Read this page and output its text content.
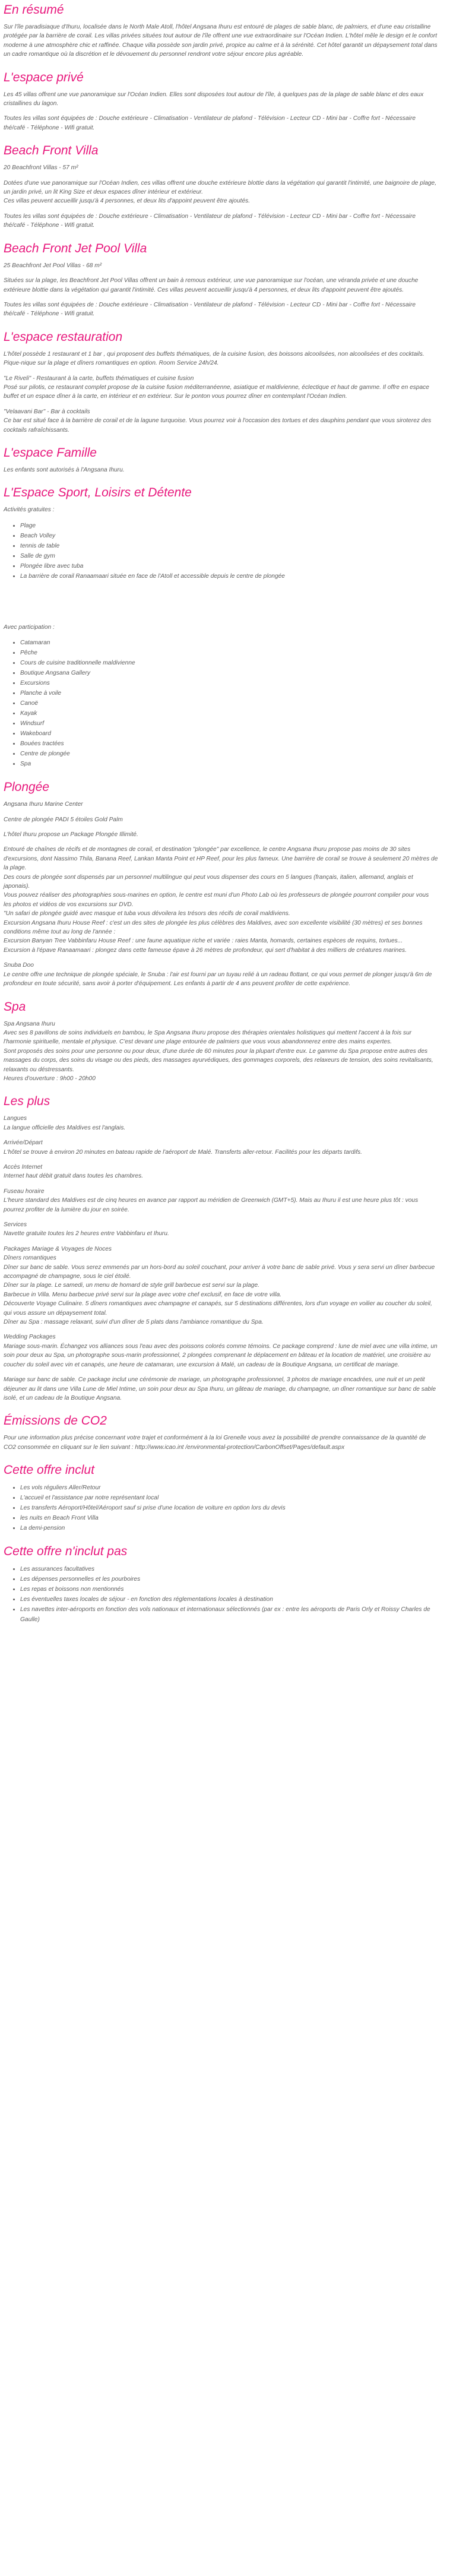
En résumé

Sur l'île paradisiaque d'Ihuru, localisée dans le North Male Atoll, l'hôtel Angsana Ihuru est entouré de plages de sable blanc, de palmiers, et d'une eau cristalline protégée par la barrière de corail. Les villas privées situées tout autour de l'île offrent une vue extraordinaire sur l'Océan Indien. L'hôtel mêle le design et le confort moderne à une atmosphère chic et raffinée. Chaque villa possède son jardin privé, propice au calme et à la sérénité. Cet hôtel garantit un dépaysement total dans un cadre romantique où la discrétion et le dévouement du personnel rendront votre séjour encore plus agréable.

L'espace privé

Les 45 villas offrent une vue panoramique sur l'Océan Indien. Elles sont disposées tout autour de l'île, à quelques pas de la plage de sable blanc et des eaux cristallines du lagon.

Toutes les villas sont équipées de : Douche extérieure - Climatisation - Ventilateur de plafond - Télévision - Lecteur CD - Mini bar - Coffre fort - Nécessaire thé/café - Téléphone - Wifi gratuit.

Beach Front Villa

20 Beachfront Villas - 57 m²

Dotées d'une vue panoramique sur l'Océan Indien, ces villas offrent une douche extérieure blottie dans la végétation qui garantit l'intimité, une baignoire de plage, un jardin privé, un lit King Size et deux espaces dîner intérieur et extérieur.
Ces villas peuvent accueillir jusqu'à 4 personnes, et deux lits d'appoint peuvent être ajoutés.

Toutes les villas sont équipées de : Douche extérieure - Climatisation - Ventilateur de plafond - Télévision - Lecteur CD - Mini bar - Coffre fort - Nécessaire thé/café - Téléphone - Wifi gratuit.

Beach Front Jet Pool Villa

25 Beachfront Jet Pool Villas - 68 m²

Situées sur la plage, les Beachfront Jet Pool Villas offrent un bain à remous extérieur, une vue panoramique sur l'océan, une véranda privée et une douche extérieure blottie dans la végétation qui garantit l'intimité. Ces villas peuvent accueillir jusqu'à 4 personnes, et deux lits d'appoint peuvent être ajoutés.

Toutes les villas sont équipées de : Douche extérieure - Climatisation - Ventilateur de plafond - Télévision - Lecteur CD - Mini bar - Coffre fort - Nécessaire thé/café - Téléphone - Wifi gratuit.

L'espace restauration

L'hôtel possède 1 restaurant et 1 bar , qui proposent des buffets thématiques, de la cuisine fusion, des boissons alcoolisées, non alcoolisées et des cocktails. Pique-nique sur la plage et dîners romantiques en option. Room Service 24h/24.

"Le Riveli" - Restaurant à la carte, buffets thématiques et cuisine fusion
Posé sur pilotis, ce restaurant complet propose de la cuisine fusion méditerranéenne, asiatique et maldivienne, éclectique et haut de gamme. Il offre en espace buffet et un espace dîner à la carte, en intérieur et en extérieur. Sur le ponton vous pourrez dîner en contemplant l'Océan Indien.

"Velaavani Bar" - Bar à cocktails
Ce bar est situé face à la barrière de corail et de la lagune turquoise. Vous pourrez voir à l'occasion des tortues et des dauphins pendant que vous siroterez des cocktails rafraîchissants.

L'espace Famille

Les enfants sont autorisés à l'Angsana Ihuru.

L'Espace Sport, Loisirs et Détente

Activités gratuites :

• Plage
• Beach Volley
• tennis de table
• Salle de gym
• Plongée libre avec tuba
• La barrière de corail Ranaamaari située en face de l'Atoll et accessible depuis le centre de plongée

Avec participation :

• Catamaran
• Pêche
• Cours de cuisine traditionnelle maldivienne
• Boutique Angsana Gallery
• Excursions
• Planche à voile
• Canoë
• Kayak
• Windsurf
• Wakeboard
• Bouées tractées
• Centre de plongée
• Spa
Plongée

Angsana Ihuru Marine Center

Centre de plongée PADI 5 étoiles Gold Palm

L'hôtel Ihuru propose un Package Plongée Illimité.

Entouré de chaînes de récifs et de montagnes de corail, et destination "plongée" par excellence, le centre Angsana Ihuru propose pas moins de 30 sites d'excursions, dont Nassimo Thila, Banana Reef, Lankan Manta Point et HP Reef, pour les plus fameux. Une barrière de corail se trouve à seulement 20 mètres de la plage.
Des cours de plongée sont dispensés par un personnel multilingue qui peut vous dispenser des cours en 5 langues (français, italien, allemand, anglais et japonais).
Vous pouvez réaliser des photographies sous-marines en option, le centre est muni d'un Photo Lab où les professeurs de plongée pourront compiler pour vous les photos et vidéos de vos excursions sur DVD.
"Un safari de plongée guidé avec masque et tuba vous dévoilera les trésors des récifs de corail maldiviens.
Excursion Angsana Ihuru House Reef : c'est un des sites de plongée les plus célèbres des Maldives, avec son excellente visibilité (30 mètres) et ses bonnes conditions même tout au long de l'année :
Excursion Banyan Tree Vabbinfaru House Reef : une faune aquatique riche et variée : raies Manta, homards, certaines espèces de requins, tortues...
Excursion à l'épave Ranaamaari : plongez dans cette fameuse épave à 26 mètres de profondeur, qui sert d'habitat à des milliers de créatures marines.

Snuba Doo
Le centre offre une technique de plongée spéciale, le Snuba : l'air est fourni par un tuyau relié à un radeau flottant, ce qui vous permet de plonger jusqu'à 6m de profondeur en toute sécurité, sans avoir à porter d'équipement. Les enfants à partir de 4 ans peuvent profiter de cette expérience.

Spa

Spa Angsana Ihuru
Avec ses 8 pavillons de soins individuels en bambou, le Spa Angsana Ihuru propose des thérapies orientales holistiques qui mettent l'accent à la fois sur l'harmonie spirituelle, mentale et physique. C'est devant une plage entourée de palmiers que vous vous abandonnerez entre des mains expertes.
Sont proposés des soins pour une personne ou pour deux, d'une durée de 60 minutes pour la plupart d'entre eux. Le gamme du Spa propose entre autres des massages du corps, des soins du visage ou des pieds, des massages ayurvédiques, des gommages corporels, des relaxeurs de tension, des soins revitalisants, relaxants ou déstressants.
Heures d'ouverture : 9h00 - 20h00

Les plus

Langues
La langue officielle des Maldives est l'anglais.

Arrivée/Départ
L'hôtel se trouve à environ 20 minutes en bateau rapide de l'aéroport de Malé. Transferts aller-retour. Facilités pour les départs tardifs.

Accès Internet
Internet haut débit gratuit dans toutes les chambres.

Fuseau horaire
L'heure standard des Maldives est de cinq heures en avance par rapport au méridien de Greenwich (GMT+5). Mais au Ihuru il est une heure plus tôt : vous pourrez profiter de la lumière du jour en soirée.

Services
Navette gratuite toutes les 2 heures entre Vabbinfaru et Ihuru.

Packages Mariage & Voyages de Noces
Dîners romantiques
Dîner sur banc de sable. Vous serez emmenés par un hors-bord au soleil couchant, pour arriver à votre banc de sable privé. Vous y sera servi un dîner barbecue accompagné de champagne, sous le ciel étoilé.
Dîner sur la plage. Le samedi, un menu de homard de style grill barbecue est servi sur la plage.
Barbecue in Villa. Menu barbecue privé servi sur la plage avec votre chef exclusif, en face de votre villa.
Découverte Voyage Culinaire. 5 dîners romantiques avec champagne et canapés, sur 5 destinations différentes, lors d'un voyage en voilier au coucher du soleil, qui vous assure un dépaysement total.
Dîner au Spa : massage relaxant, suivi d'un dîner de 5 plats dans l'ambiance romantique du Spa.

Wedding Packages
Mariage sous-marin. Échangez vos alliances sous l'eau avec des poissons colorés comme témoins. Ce package comprend : lune de miel avec une villa intime, un soin pour deux au Spa, un photographe sous-marin professionnel, 2 plongées comprenant le déplacement en bâteau et la location de matériel, une croisière au coucher du soleil avec vin et canapés, une heure de catamaran, une excursion à Malé, un cadeau de la Boutique Angsana, un certificat de mariage.

Mariage sur banc de sable. Ce package inclut une cérémonie de mariage, un photographe professionnel, 3 photos de mariage encadrées, une nuit et un petit déjeuner au lit dans une Villa Lune de Miel Intime, un soin pour deux au Spa Ihuru, un gâteau de mariage, du champagne, un dîner romantique sur banc de sable isolé, et un cadeau de la Boutique Angsana.

Émissions de CO2

Pour une information plus précise concernant votre trajet et conformément à la loi Grenelle vous avez la possibilité de prendre connaissance de la quantité de CO2 consommée en cliquant sur le lien suivant : http://www.icao.int /environmental-protection/CarbonOffset/Pages/default.aspx

Cette offre inclut
• Les vols réguliers Aller/Retour
• L'accueil et l'assistance par notre représentant local
• Les transferts Aéroport/Hôtel/Aéroport sauf si prise d'une location de voiture en option lors du devis
• les nuits en Beach Front Villa
• La demi-pension
Cette offre n'inclut pas
• Les assurances facultatives
• Les dépenses personnelles et les pourboires
• Les repas et boissons non mentionnés
• Les éventuelles taxes locales de séjour - en fonction des réglementations locales à destination
• Les navettes inter-aéroports en fonction des vols nationaux et internationaux sélectionnés (par ex : entre les aéroports de Paris Orly et Roissy Charles de Gaulle)
